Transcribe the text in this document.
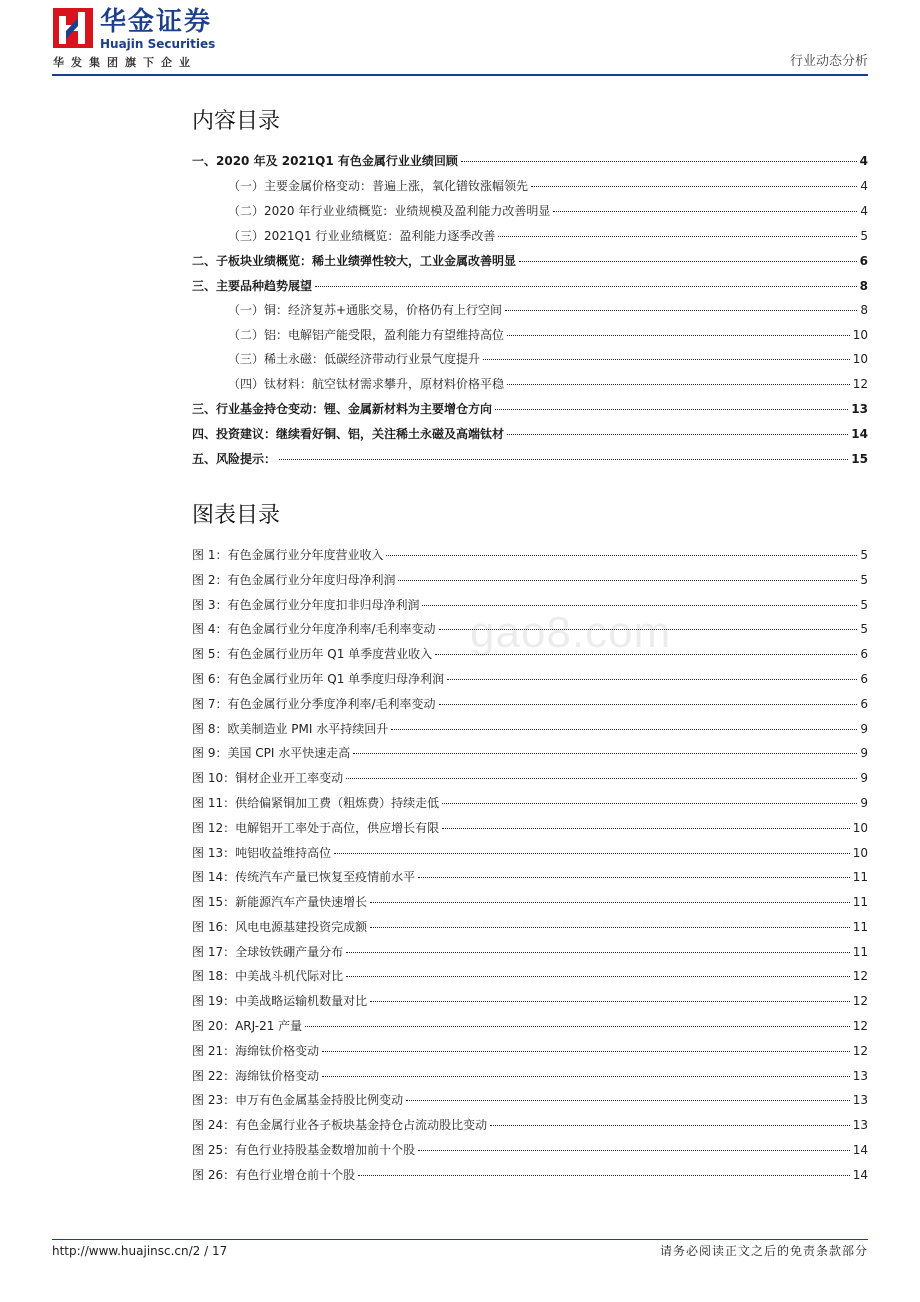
华金证券
Huajin Securities
华发集团旗下企业	行业动态分析
内容目录
一、2020 年及 2021Q1 有色金属行业业绩回顾	4
（一）主要金属价格变动：普遍上涨，氧化镨钕涨幅领先	4
（二）2020 年行业业绩概览：业绩规模及盈利能力改善明显	4
（三）2021Q1 行业业绩概览：盈利能力逐季改善	5
二、子板块业绩概览：稀土业绩弹性较大，工业金属改善明显	6
三、主要品种趋势展望	8
（一）铜：经济复苏+通胀交易，价格仍有上行空间	8
（二）铝：电解铝产能受限，盈利能力有望维持高位	10
（三）稀土永磁：低碳经济带动行业景气度提升	10
（四）钛材料：航空钛材需求攀升，原材料价格平稳	12
三、行业基金持仓变动：锂、金属新材料为主要增仓方向	13
四、投资建议：继续看好铜、铝，关注稀土永磁及高端钛材	14
五、风险提示：	15
图表目录
图 1：有色金属行业分年度营业收入	5
图 2：有色金属行业分年度归母净利润	5
图 3：有色金属行业分年度扣非归母净利润	5
图 4：有色金属行业分年度净利率/毛利率变动	5
图 5：有色金属行业历年 Q1 单季度营业收入	6
图 6：有色金属行业历年 Q1 单季度归母净利润	6
图 7：有色金属行业分季度净利率/毛利率变动	6
图 8：欧美制造业 PMI 水平持续回升	9
图 9：美国 CPI 水平快速走高	9
图 10：铜材企业开工率变动	9
图 11：供给偏紧铜加工费（粗炼费）持续走低	9
图 12：电解铝开工率处于高位，供应增长有限	10
图 13：吨铝收益维持高位	10
图 14：传统汽车产量已恢复至疫情前水平	11
图 15：新能源汽车产量快速增长	11
图 16：风电电源基建投资完成额	11
图 17：全球钕铁硼产量分布	11
图 18：中美战斗机代际对比	12
图 19：中美战略运输机数量对比	12
图 20：ARJ-21 产量	12
图 21：海绵钛价格变动	12
图 22：海绵钛价格变动	13
图 23：申万有色金属基金持股比例变动	13
图 24：有色金属行业各子板块基金持仓占流动股比变动	13
图 25：有色行业持股基金数增加前十个股	14
图 26：有色行业增仓前十个股	14
gao8.com
http://www.huajinsc.cn/2 / 17	请务必阅读正文之后的免责条款部分
